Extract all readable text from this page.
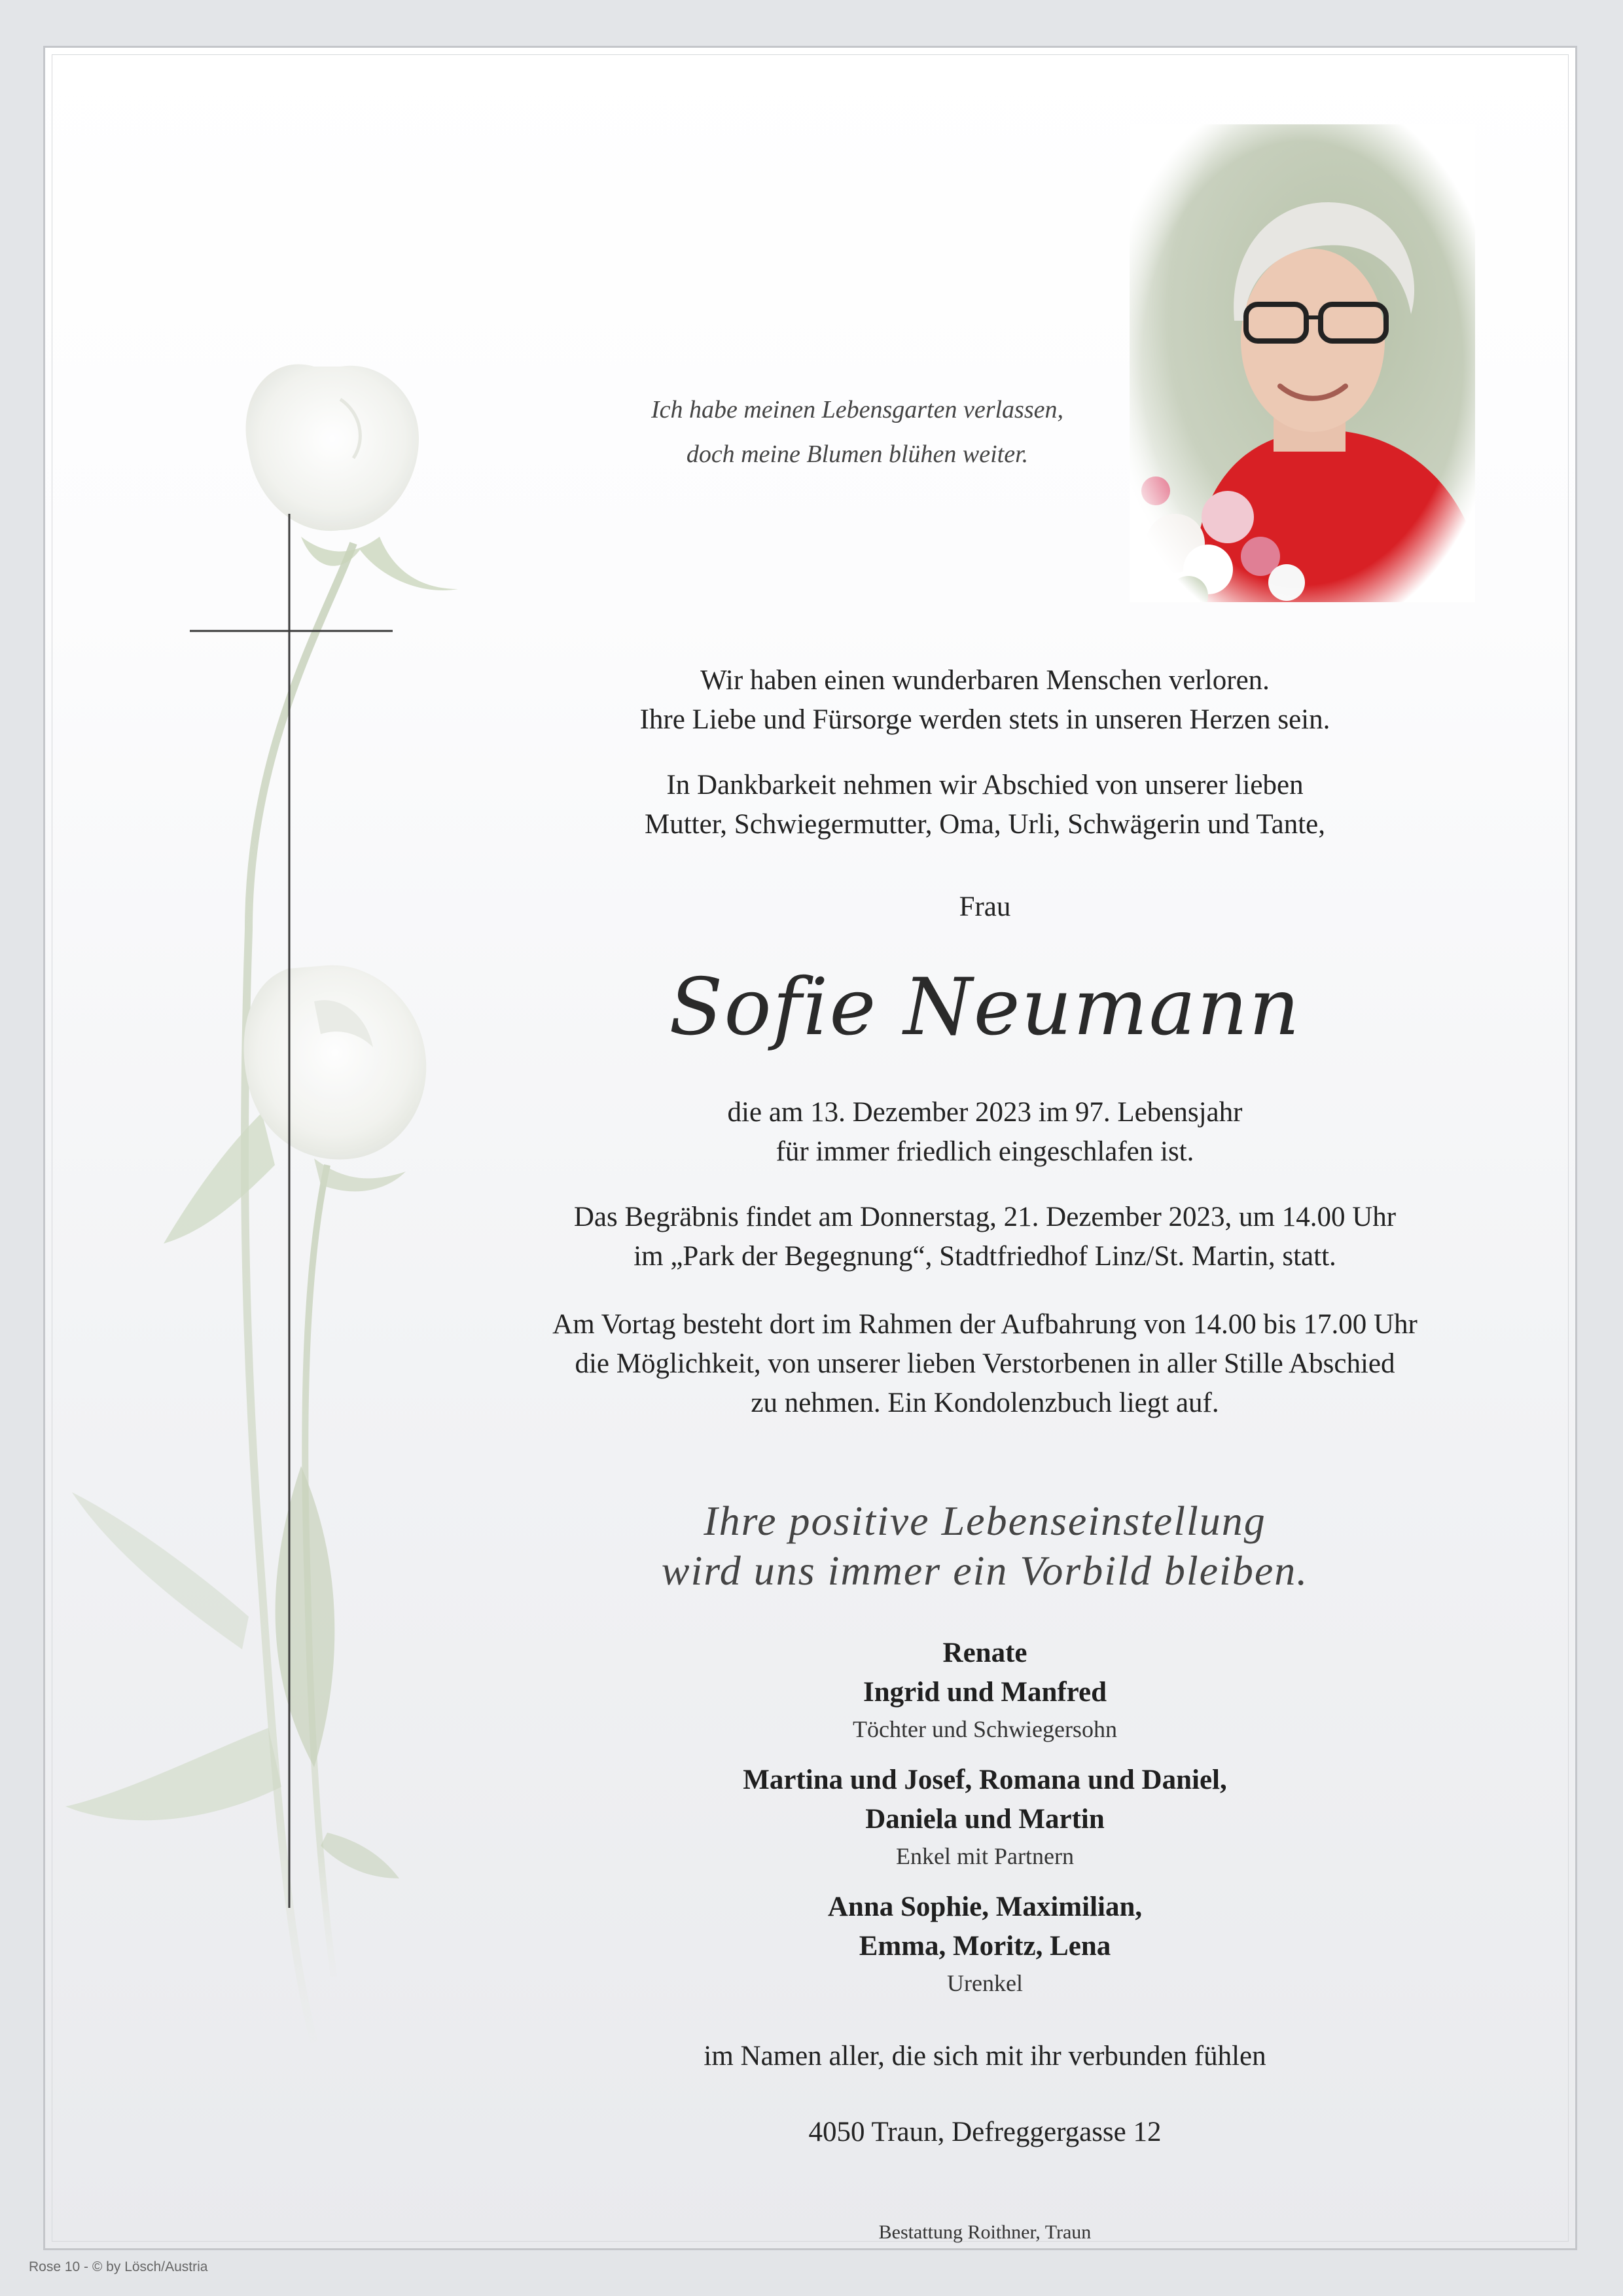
Ich habe meinen Lebensgarten verlassen,
doch meine Blumen blühen weiter.
Wir haben einen wunderbaren Menschen verloren.
Ihre Liebe und Fürsorge werden stets in unseren Herzen sein.
In Dankbarkeit nehmen wir Abschied von unserer lieben
Mutter, Schwiegermutter, Oma, Urli, Schwägerin und Tante,
Frau
Sofie Neumann
die am 13. Dezember 2023 im 97. Lebensjahr
für immer friedlich eingeschlafen ist.
Das Begräbnis findet am Donnerstag, 21. Dezember 2023, um 14.00 Uhr
im „Park der Begegnung“, Stadtfriedhof Linz/St. Martin, statt.
Am Vortag besteht dort im Rahmen der Aufbahrung von 14.00 bis 17.00 Uhr
die Möglichkeit, von unserer lieben Verstorbenen in aller Stille Abschied
zu nehmen. Ein Kondolenzbuch liegt auf.
Ihre positive Lebenseinstellung
wird uns immer ein Vorbild bleiben.
Renate
Ingrid und Manfred
Töchter und Schwiegersohn
Martina und Josef, Romana und Daniel,
Daniela und Martin
Enkel mit Partnern
Anna Sophie, Maximilian,
Emma, Moritz, Lena
Urenkel
im Namen aller, die sich mit ihr verbunden fühlen
4050 Traun, Defreggergasse 12
Bestattung Roithner, Traun
Rose 10 - © by Lösch/Austria
